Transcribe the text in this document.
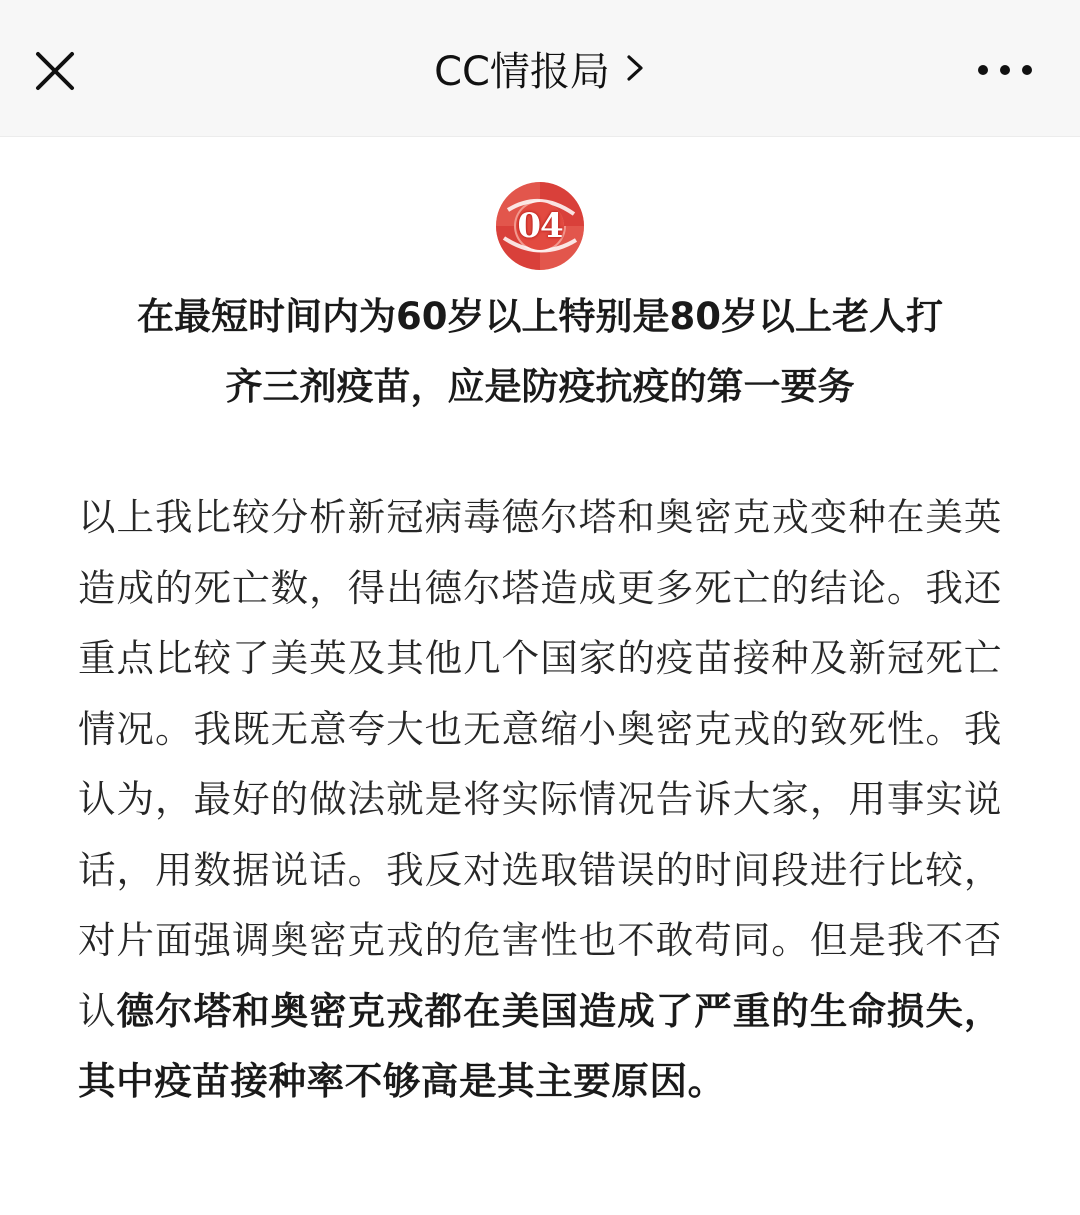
CC情报局
04
在最短时间内为60岁以上特别是80岁以上老人打
齐三剂疫苗，应是防疫抗疫的第一要务
以上我比较分析新冠病毒德尔塔和奥密克戎变种在美英造成的死亡数，得出德尔塔造成更多死亡的结论。我还重点比较了美英及其他几个国家的疫苗接种及新冠死亡情况。我既无意夸大也无意缩小奥密克戎的致死性。我认为，最好的做法就是将实际情况告诉大家，用事实说话，用数据说话。我反对选取错误的时间段进行比较，对片面强调奥密克戎的危害性也不敢苟同。但是我不否认德尔塔和奥密克戎都在美国造成了严重的生命损失，其中疫苗接种率不够高是其主要原因。
